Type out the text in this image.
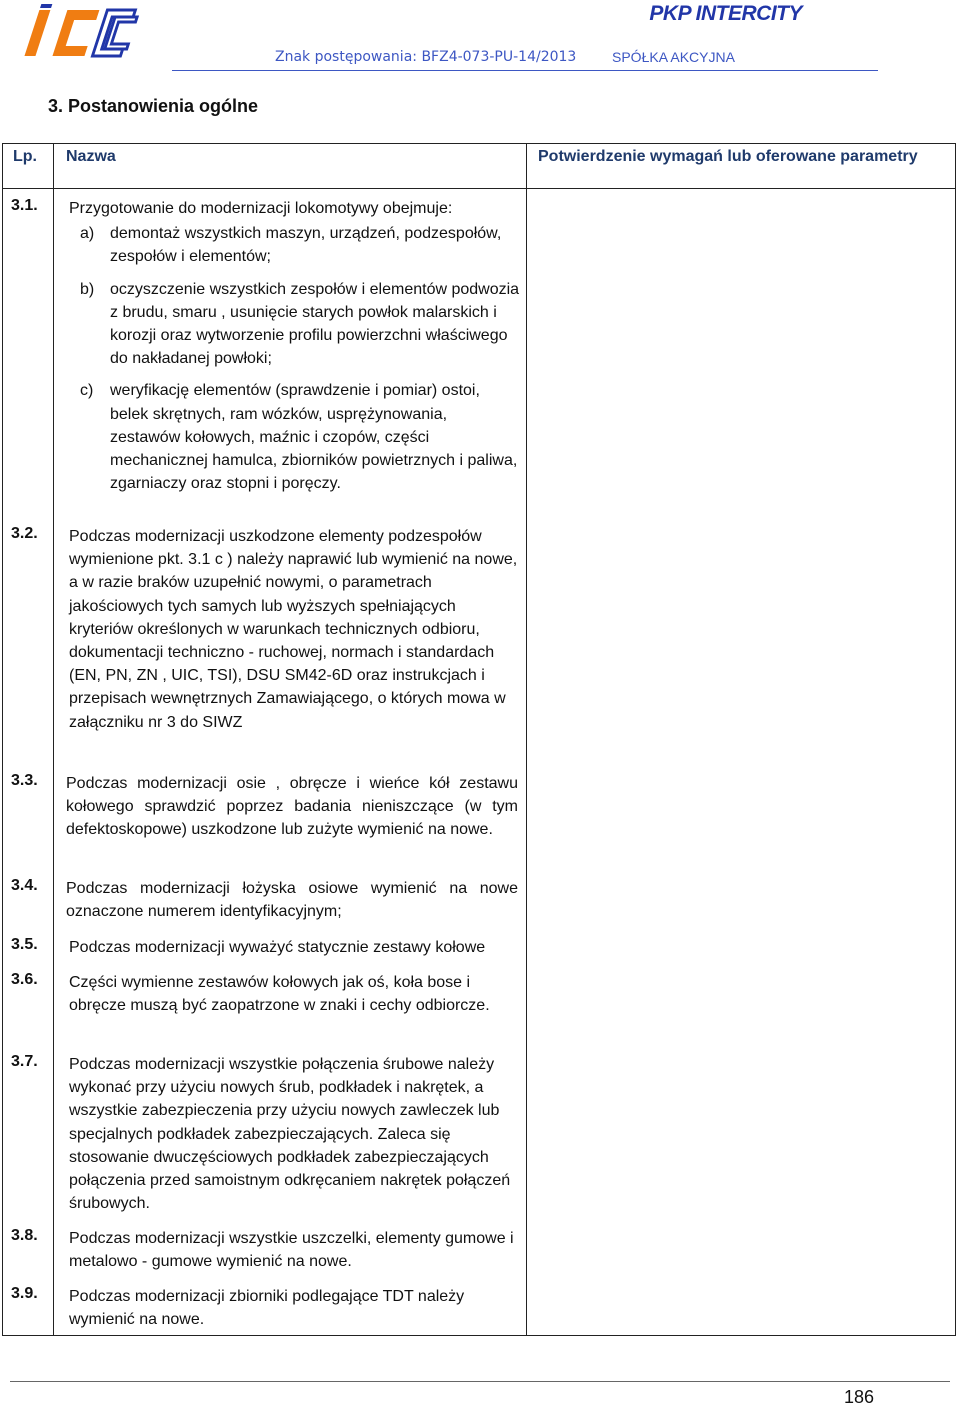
PKP INTERCITY
Znak postępowania: BFZ4-073-PU-14/2013	SPÓŁKA AKCYJNA
3. Postanowienia ogólne
Lp. Nazwa	Potwierdzenie wymagań lub oferowane parametry
3.1. Przygotowanie do modernizacji lokomotywy obejmuje:
a) demontaż wszystkich maszyn, urządzeń, podzespołów, zespołów i elementów;
b) oczyszczenie wszystkich zespołów i elementów podwozia z brudu, smaru , usunięcie starych powłok malarskich i korozji oraz wytworzenie profilu powierzchni właściwego do nakładanej powłoki;
c) weryfikację elementów (sprawdzenie i pomiar) ostoi, belek skrętnych, ram wózków, usprężynowania, zestawów kołowych, maźnic i czopów, części mechanicznej hamulca, zbiorników powietrznych i paliwa, zgarniaczy oraz stopni i poręczy.
3.2. Podczas modernizacji uszkodzone elementy podzespołów wymienione pkt. 3.1 c ) należy naprawić lub wymienić na nowe, a w razie braków uzupełnić nowymi, o parametrach jakościowych tych samych lub wyższych spełniających kryteriów określonych w warunkach technicznych odbioru, dokumentacji techniczno - ruchowej, normach i standardach (EN, PN, ZN , UIC, TSI), DSU SM42-6D oraz instrukcjach i przepisach wewnętrznych Zamawiającego, o których mowa w załączniku nr 3 do SIWZ
3.3. Podczas modernizacji osie , obręcze i wieńce kół zestawu kołowego sprawdzić poprzez badania nieniszczące (w tym defektoskopowe) uszkodzone lub zużyte wymienić na nowe.
3.4. Podczas modernizacji łożyska osiowe wymienić na nowe oznaczone numerem identyfikacyjnym;
3.5. Podczas modernizacji wyważyć statycznie zestawy kołowe
3.6. Części wymienne zestawów kołowych jak oś, koła bose i obręcze muszą być zaopatrzone w znaki i cechy odbiorcze.
3.7. Podczas modernizacji wszystkie połączenia śrubowe należy wykonać przy użyciu nowych śrub, podkładek i nakrętek, a wszystkie zabezpieczenia przy użyciu nowych zawleczek lub specjalnych podkładek zabezpieczających. Zaleca się stosowanie dwuczęściowych podkładek zabezpieczających połączenia przed samoistnym odkręcaniem nakrętek połączeń śrubowych.
3.8. Podczas modernizacji wszystkie uszczelki, elementy gumowe i metalowo - gumowe wymienić na nowe.
3.9. Podczas modernizacji zbiorniki podlegające TDT należy wymienić na nowe.
186
